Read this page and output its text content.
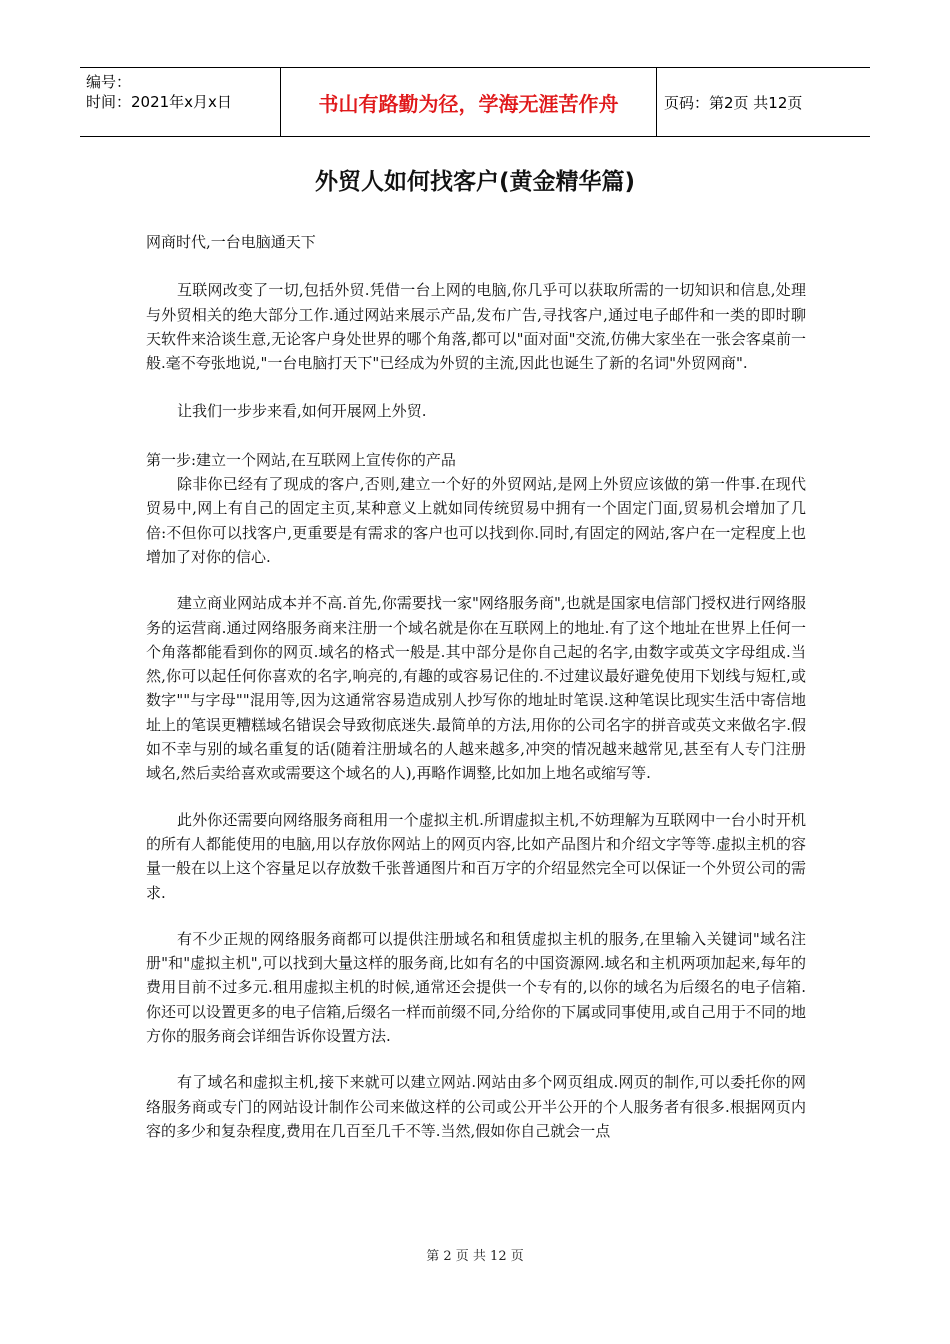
编号：
时间：2021年x月x日	书山有路勤为径，学海无涯苦作舟	页码：第2页 共12页
外贸人如何找客户(黄金精华篇)

网商时代,一台电脑通天下

互联网改变了一切,包括外贸.凭借一台上网的电脑,你几乎可以获取所需的一切知识和信息,处理与外贸相关的绝大部分工作.通过网站来展示产品,发布广告,寻找客户,通过电子邮件和一类的即时聊天软件来洽谈生意,无论客户身处世界的哪个角落,都可以"面对面"交流,仿佛大家坐在一张会客桌前一般.毫不夸张地说,"一台电脑打天下"已经成为外贸的主流,因此也诞生了新的名词"外贸网商".

让我们一步步来看,如何开展网上外贸.

第一步:建立一个网站,在互联网上宣传你的产品

除非你已经有了现成的客户,否则,建立一个好的外贸网站,是网上外贸应该做的第一件事.在现代贸易中,网上有自己的固定主页,某种意义上就如同传统贸易中拥有一个固定门面,贸易机会增加了几倍:不但你可以找客户,更重要是有需求的客户也可以找到你.同时,有固定的网站,客户在一定程度上也增加了对你的信心.

建立商业网站成本并不高.首先,你需要找一家"网络服务商",也就是国家电信部门授权进行网络服务的运营商.通过网络服务商来注册一个域名就是你在互联网上的地址.有了这个地址在世界上任何一个角落都能看到你的网页.域名的格式一般是.其中部分是你自己起的名字,由数字或英文字母组成.当然,你可以起任何你喜欢的名字,响亮的,有趣的或容易记住的.不过建议最好避免使用下划线与短杠,或数字""与字母""混用等,因为这通常容易造成别人抄写你的地址时笔误.这种笔误比现实生活中寄信地址上的笔误更糟糕域名错误会导致彻底迷失.最简单的方法,用你的公司名字的拼音或英文来做名字.假如不幸与别的域名重复的话(随着注册域名的人越来越多,冲突的情况越来越常见,甚至有人专门注册域名,然后卖给喜欢或需要这个域名的人),再略作调整,比如加上地名或缩写等.

此外你还需要向网络服务商租用一个虚拟主机.所谓虚拟主机,不妨理解为互联网中一台小时开机的所有人都能使用的电脑,用以存放你网站上的网页内容,比如产品图片和介绍文字等等.虚拟主机的容量一般在以上这个容量足以存放数千张普通图片和百万字的介绍显然完全可以保证一个外贸公司的需求.

有不少正规的网络服务商都可以提供注册域名和租赁虚拟主机的服务,在里输入关键词"域名注册"和"虚拟主机",可以找到大量这样的服务商,比如有名的中国资源网.域名和主机两项加起来,每年的费用目前不过多元.租用虚拟主机的时候,通常还会提供一个专有的,以你的域名为后缀名的电子信箱.你还可以设置更多的电子信箱,后缀名一样而前缀不同,分给你的下属或同事使用,或自己用于不同的地方你的服务商会详细告诉你设置方法.

有了域名和虚拟主机,接下来就可以建立网站.网站由多个网页组成.网页的制作,可以委托你的网络服务商或专门的网站设计制作公司来做这样的公司或公开半公开的个人服务者有很多.根据网页内容的多少和复杂程度,费用在几百至几千不等.当然,假如你自己就会一点

第 2 页 共 12 页
